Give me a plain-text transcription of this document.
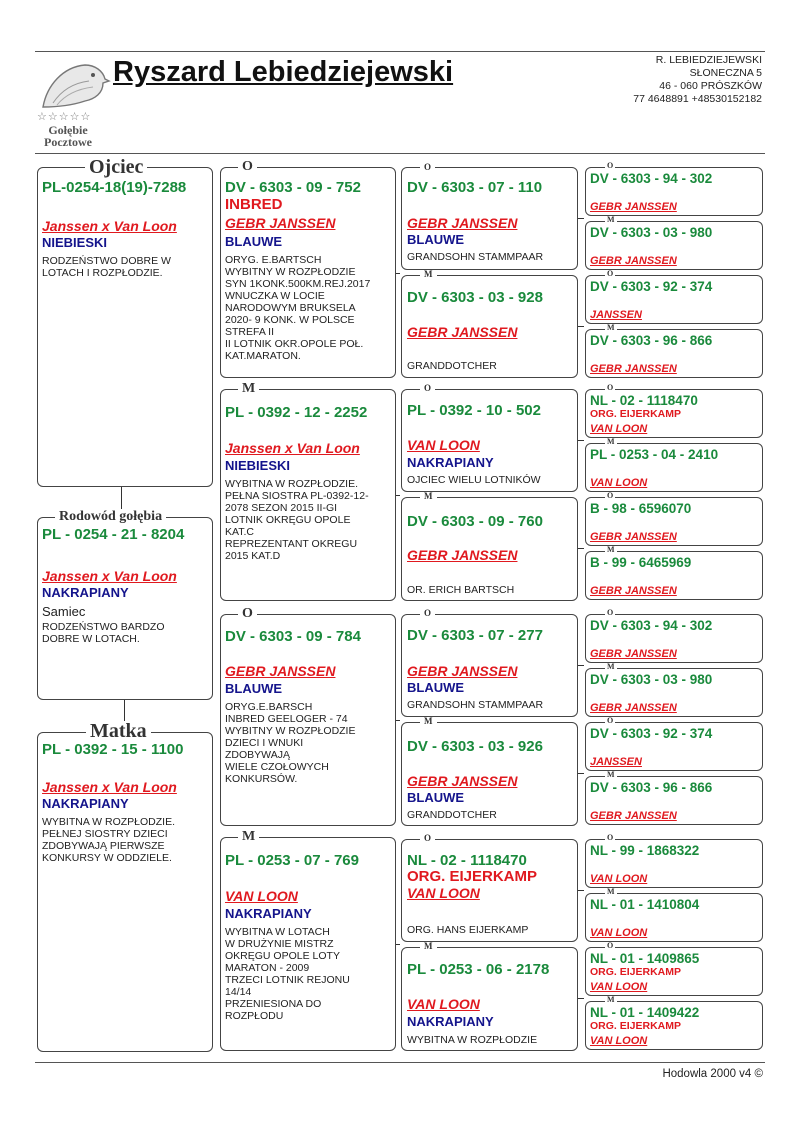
☆☆☆☆☆
Gołębie
Pocztowe
Ryszard Lebiedziejewski	R. LEBIEDZIEJEWSKI
SŁONECZNA 5
46 - 060 PRÓSZKÓW
77 4648891 +48530152182
PL-0254-18(19)-7288
Janssen x Van Loon
NIEBIESKI
RODZEŃSTWO DOBRE W
LOTACH I ROZPŁODZIE.
Ojciec
PL - 0254 - 21 - 8204
Janssen x Van Loon
NAKRAPIANY
Samiec
RODZEŃSTWO BARDZO
DOBRE W LOTACH.
Rodowód gołębia
PL - 0392 - 15 - 1100
Janssen x Van Loon
NAKRAPIANY
WYBITNA W ROZPŁODZIE.
PEŁNEJ SIOSTRY DZIECI
ZDOBYWAJĄ PIERWSZE
KONKURSY W ODDZIELE.
Matka
DV - 6303 - 09 - 752
INBRED
GEBR JANSSEN
BLAUWE
ORYG. E.BARTSCH
WYBITNY W ROZPŁODZIE
SYN 1KONK.500KM.REJ.2017
WNUCZKA W LOCIE
NARODOWYM BRUKSELA
2020- 9 KONK. W POLSCE
STREFA II
II LOTNIK OKR.OPOLE POŁ.
KAT.MARATON.
O
PL - 0392 - 12 - 2252
Janssen x Van Loon
NIEBIESKI
WYBITNA W ROZPŁODZIE.
PEŁNA SIOSTRA PL-0392-12-
2078 SEZON 2015 II-GI
LOTNIK OKRĘGU OPOLE
KAT.C
REPREZENTANT OKREGU
2015 KAT.D
M
DV - 6303 - 09 - 784
GEBR JANSSEN
BLAUWE
ORYG.E.BARSCH
INBRED GEELOGER - 74
WYBITNY W ROZPŁODZIE
DZIECI I WNUKI
ZDOBYWAJĄ
WIELE CZOŁOWYCH
KONKURSÓW.
O
PL - 0253 - 07 - 769
VAN LOON
NAKRAPIANY
WYBITNA W LOTACH
W DRUŻYNIE MISTRZ
OKRĘGU OPOLE LOTY
MARATON - 2009
TRZECI LOTNIK REJONU
14/14
PRZENIESIONA DO
ROZPŁODU
M
DV - 6303 - 07 - 110
GEBR JANSSEN
BLAUWE
GRANDSOHN STAMMPAAR
O
DV - 6303 - 03 - 928
GEBR JANSSEN
GRANDDOTCHER
M
PL - 0392 - 10 - 502
VAN LOON
NAKRAPIANY
OJCIEC WIELU LOTNIKÓW
O
DV - 6303 - 09 - 760
GEBR JANSSEN
OR. ERICH BARTSCH
M
DV - 6303 - 07 - 277
GEBR JANSSEN
BLAUWE
GRANDSOHN STAMMPAAR
O
DV - 6303 - 03 - 926
GEBR JANSSEN
BLAUWE
GRANDDOTCHER
M
NL - 02 - 1118470
ORG. EIJERKAMP
VAN LOON
ORG. HANS EIJERKAMP
O
PL - 0253 - 06 - 2178
VAN LOON
NAKRAPIANY
WYBITNA W ROZPŁODZIE
M
DV - 6303 - 94 - 302
GEBR JANSSEN
O
DV - 6303 - 03 - 980
GEBR JANSSEN
M
DV - 6303 - 92 - 374
JANSSEN
O
DV - 6303 - 96 - 866
GEBR JANSSEN
M
NL - 02 - 1118470
ORG. EIJERKAMP
VAN LOON
O
PL - 0253 - 04 - 2410
VAN LOON
M
B - 98 - 6596070
GEBR JANSSEN
O
B - 99 - 6465969
GEBR JANSSEN
M
DV - 6303 - 94 - 302
GEBR JANSSEN
O
DV - 6303 - 03 - 980
GEBR JANSSEN
M
DV - 6303 - 92 - 374
JANSSEN
O
DV - 6303 - 96 - 866
GEBR JANSSEN
M
NL - 99 - 1868322
VAN LOON
O
NL - 01 - 1410804
VAN LOON
M
NL - 01 - 1409865
ORG. EIJERKAMP
VAN LOON
O
NL - 01 - 1409422
ORG. EIJERKAMP
VAN LOON
M
Hodowla 2000 v4 ©
